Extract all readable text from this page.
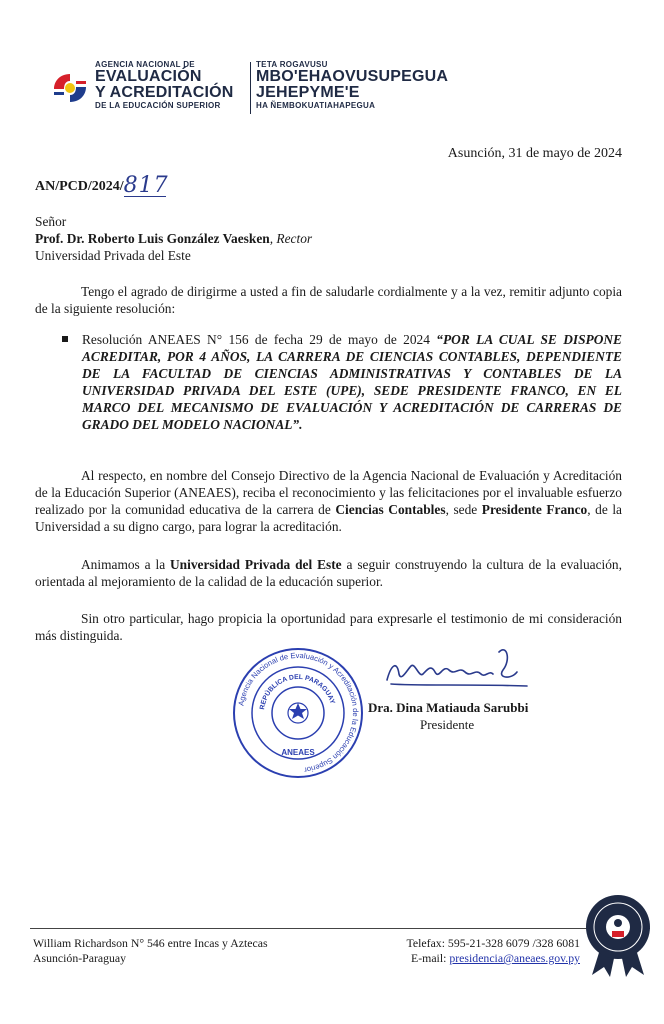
AGENCIA NACIONAL DE
EVALUACIÓN
Y ACREDITACIÓN
DE LA EDUCACIÓN SUPERIOR
TETA ROGAVUSU
MBO'EHAOVUSUPEGUA
JEHEPYME'E
HA ÑEMBOKUATIAHAPEGUA
Asunción, 31 de mayo de 2024
AN/PCD/2024/817
Señor
Prof. Dr. Roberto Luis González Vaesken, Rector
Universidad Privada del Este
Tengo el agrado de dirigirme a usted a fin de saludarle cordialmente y a la vez, remitir adjunto copia de la siguiente resolución:
Resolución ANEAES N° 156 de fecha 29 de mayo de 2024 “POR LA CUAL SE DISPONE ACREDITAR, POR 4 AÑOS, LA CARRERA DE CIENCIAS CONTABLES, DEPENDIENTE DE LA FACULTAD DE CIENCIAS ADMINISTRATIVAS Y CONTABLES DE LA UNIVERSIDAD PRIVADA DEL ESTE (UPE), SEDE PRESIDENTE FRANCO, EN EL MARCO DEL MECANISMO DE EVALUACIÓN Y ACREDITACIÓN DE CARRERAS DE GRADO DEL MODELO NACIONAL”.
Al respecto, en nombre del Consejo Directivo de la Agencia Nacional de Evaluación y Acreditación de la Educación Superior (ANEAES), reciba el reconocimiento y las felicitaciones por el invaluable esfuerzo realizado por la comunidad educativa de la carrera de Ciencias Contables, sede Presidente Franco, de la Universidad a su digno cargo, para lograr la acreditación.
Animamos a la Universidad Privada del Este a seguir construyendo la cultura de la evaluación, orientada al mejoramiento de la calidad de la educación superior.
Sin otro particular, hago propicia la oportunidad para expresarle el testimonio de mi consideración más distinguida.
Agencia Nacional de Evaluación y Acreditación de la Educación Superior
REPÚBLICA DEL PARAGUAY
ANEAES
Dra. Dina Matiauda Sarubbi
Presidente
William Richardson N° 546 entre Incas y Aztecas
Asunción-Paraguay
Telefax: 595-21-328 6079 /328 6081
E-mail: presidencia@aneaes.gov.py
